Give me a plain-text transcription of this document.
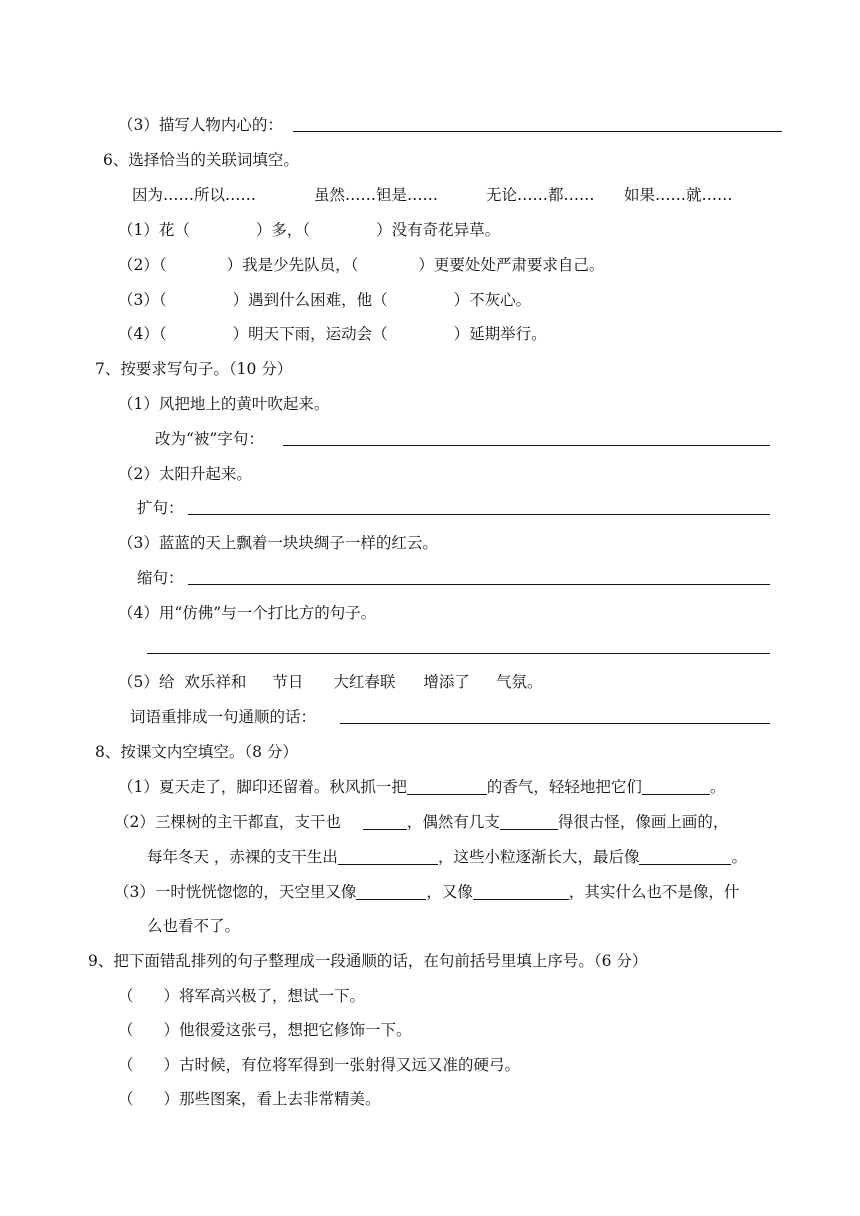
（3）描写人物内心的：
6、选择恰当的关联词填空。
因为……所以……	虽然……钽是……	无论……都…… 如果……就……
（1）花（	）多，（	）没有奇花异草。
（2）（	）我是少先队员，（	）更要处处严肃要求自己。
（3）（	）遇到什么困难，他（	）不灰心。
（4）（	）明天下雨，运动会（	）延期举行。
7、按要求写句子。（10 分）
（1）风把地上的黄叶吹起来。
改为“被”字句：
（2）太阳升起来。
扩句：
（3）蓝蓝的天上飘着一块块绸子一样的红云。
缩句：
（4）用“仿佛”与一个打比方的句子。
（5）给 欢乐祥和 节日 大红春联 增添了 气氛。
词语重排成一句通顺的话：
8、按课文内空填空。（8 分）
（1）夏天走了，脚印还留着。秋风抓一把	的香气，轻轻地把它们	。
（2）三棵树的主干都直，支干也	，偶然有几支	得很古怪，像画上画的，
每年冬天 ，赤裸的支干生出	，这些小粒逐渐长大，最后像	。
（3）一时恍恍惚惚的，天空里又像	，又像	，其实什么也不是像，什
么也看不了。
9、把下面错乱排列的句子整理成一段通顺的话，在句前括号里填上序号。（6 分）
（ ）将军高兴极了，想试一下。
（ ）他很爱这张弓，想把它修饰一下。
（ ）古时候，有位将军得到一张射得又远又准的硬弓。
（ ）那些图案，看上去非常精美。
